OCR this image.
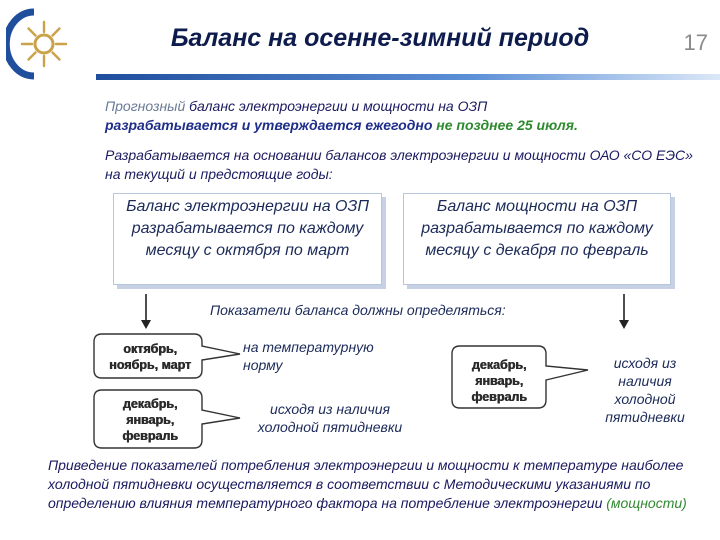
Баланс на осенне-зимний период	17
Прогнозный баланс электроэнергии и мощности на ОЗП
разрабатывается и утверждается ежегодно не позднее 25 июля.
Разрабатывается на основании балансов электроэнергии и мощности ОАО «СО ЕЭС» на текущий и предстоящие годы:
Баланс электроэнергии на ОЗП разрабатывается по каждому месяцу с октября по март
Баланс мощности на ОЗП разрабатывается по каждому месяцу с декабря по февраль
Показатели баланса должны определяться:
октябрь, ноябрь, март
декабрь, январь, февраль
декабрь, январь, февраль
на температурную норму
исходя из наличия холодной пятидневки
исходя из наличия холодной пятидневки
Приведение показателей потребления электроэнергии и мощности к температуре наиболее холодной пятидневки осуществляется в соответствии с Методическими указаниями по определению влияния температурного фактора на потребление электроэнергии (мощности)
